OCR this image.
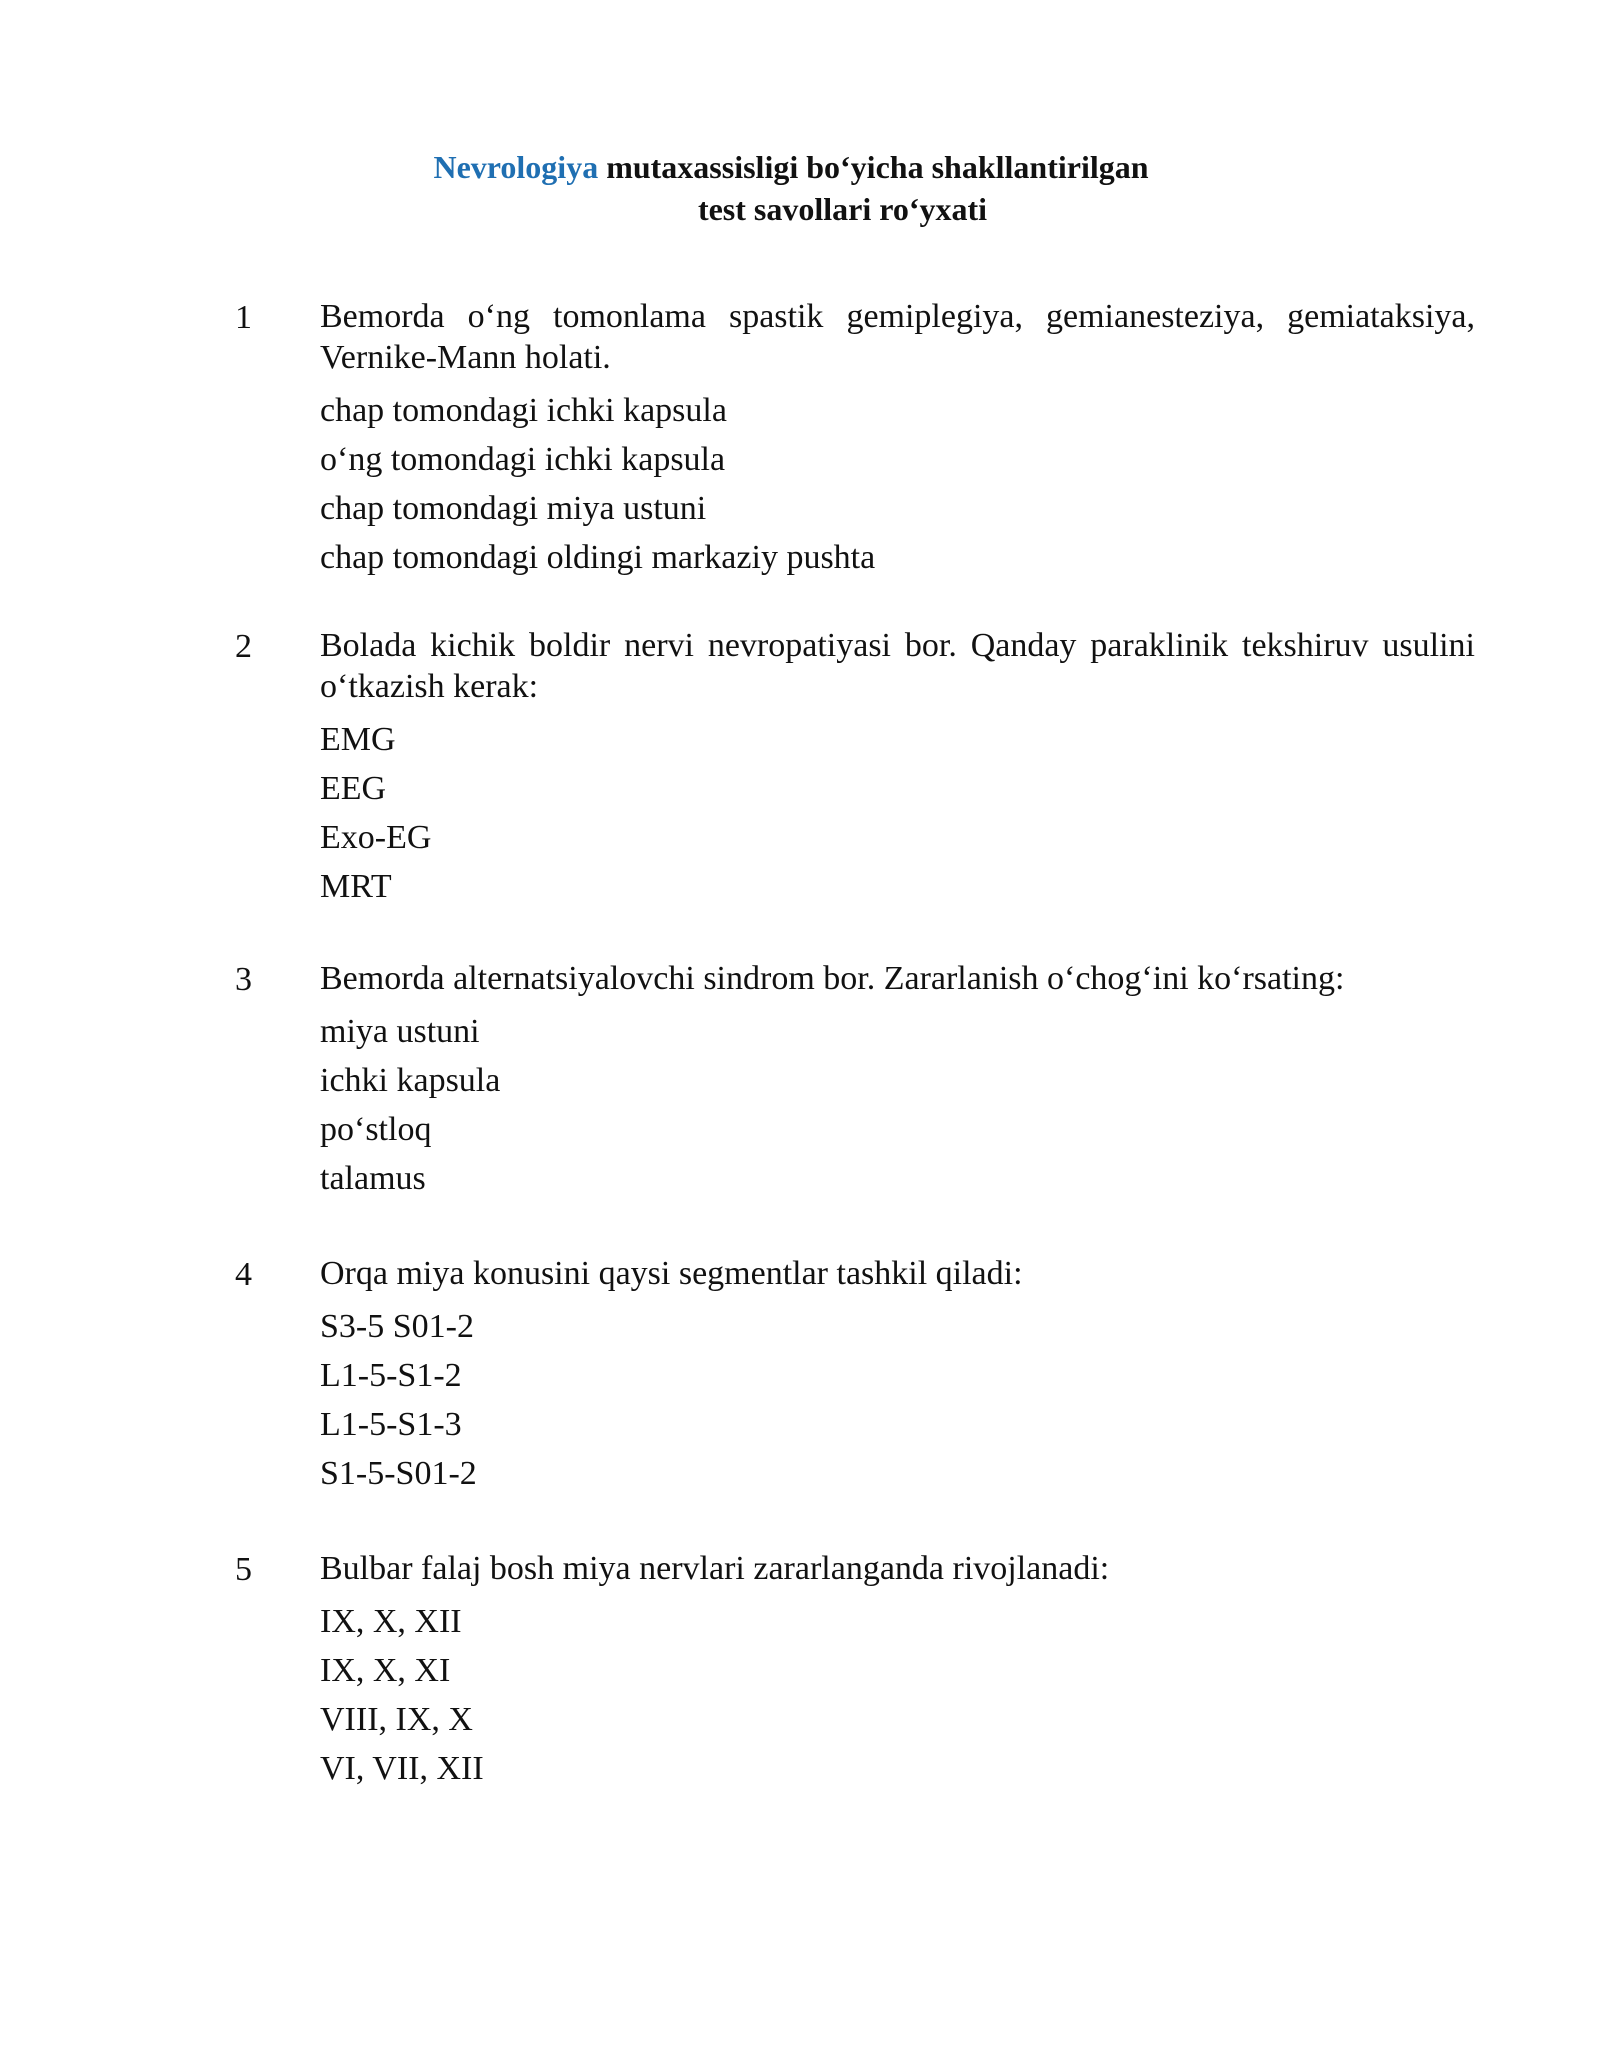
Nevrologiya mutaxassisligi bo‘yicha shakllantirilgan
test savollari ro‘yxati
1 Bemorda o‘ng tomonlama spastik gemiplegiya, gemianesteziya, gemiataksiya, Vernike-Mann holati.

chap tomondagi ichki kapsula
o‘ng tomondagi ichki kapsula
chap tomondagi miya ustuni
chap tomondagi oldingi markaziy pushta
2 Bolada kichik boldir nervi nevropatiyasi bor. Qanday paraklinik tekshiruv usulini o‘tkazish kerak:

EMG
EEG
Exo-EG
MRT
3 Bemorda alternatsiyalovchi sindrom bor. Zararlanish o‘chog‘ini ko‘rsating:

miya ustuni
ichki kapsula
po‘stloq
talamus
4 Orqa miya konusini qaysi segmentlar tashkil qiladi:

S3-5 S01-2
L1-5-S1-2
L1-5-S1-3
S1-5-S01-2
5 Bulbar falaj bosh miya nervlari zararlanganda rivojlanadi:

IX, X, XII
IX, X, XI
VIII, IX, X
VI, VII, XII
